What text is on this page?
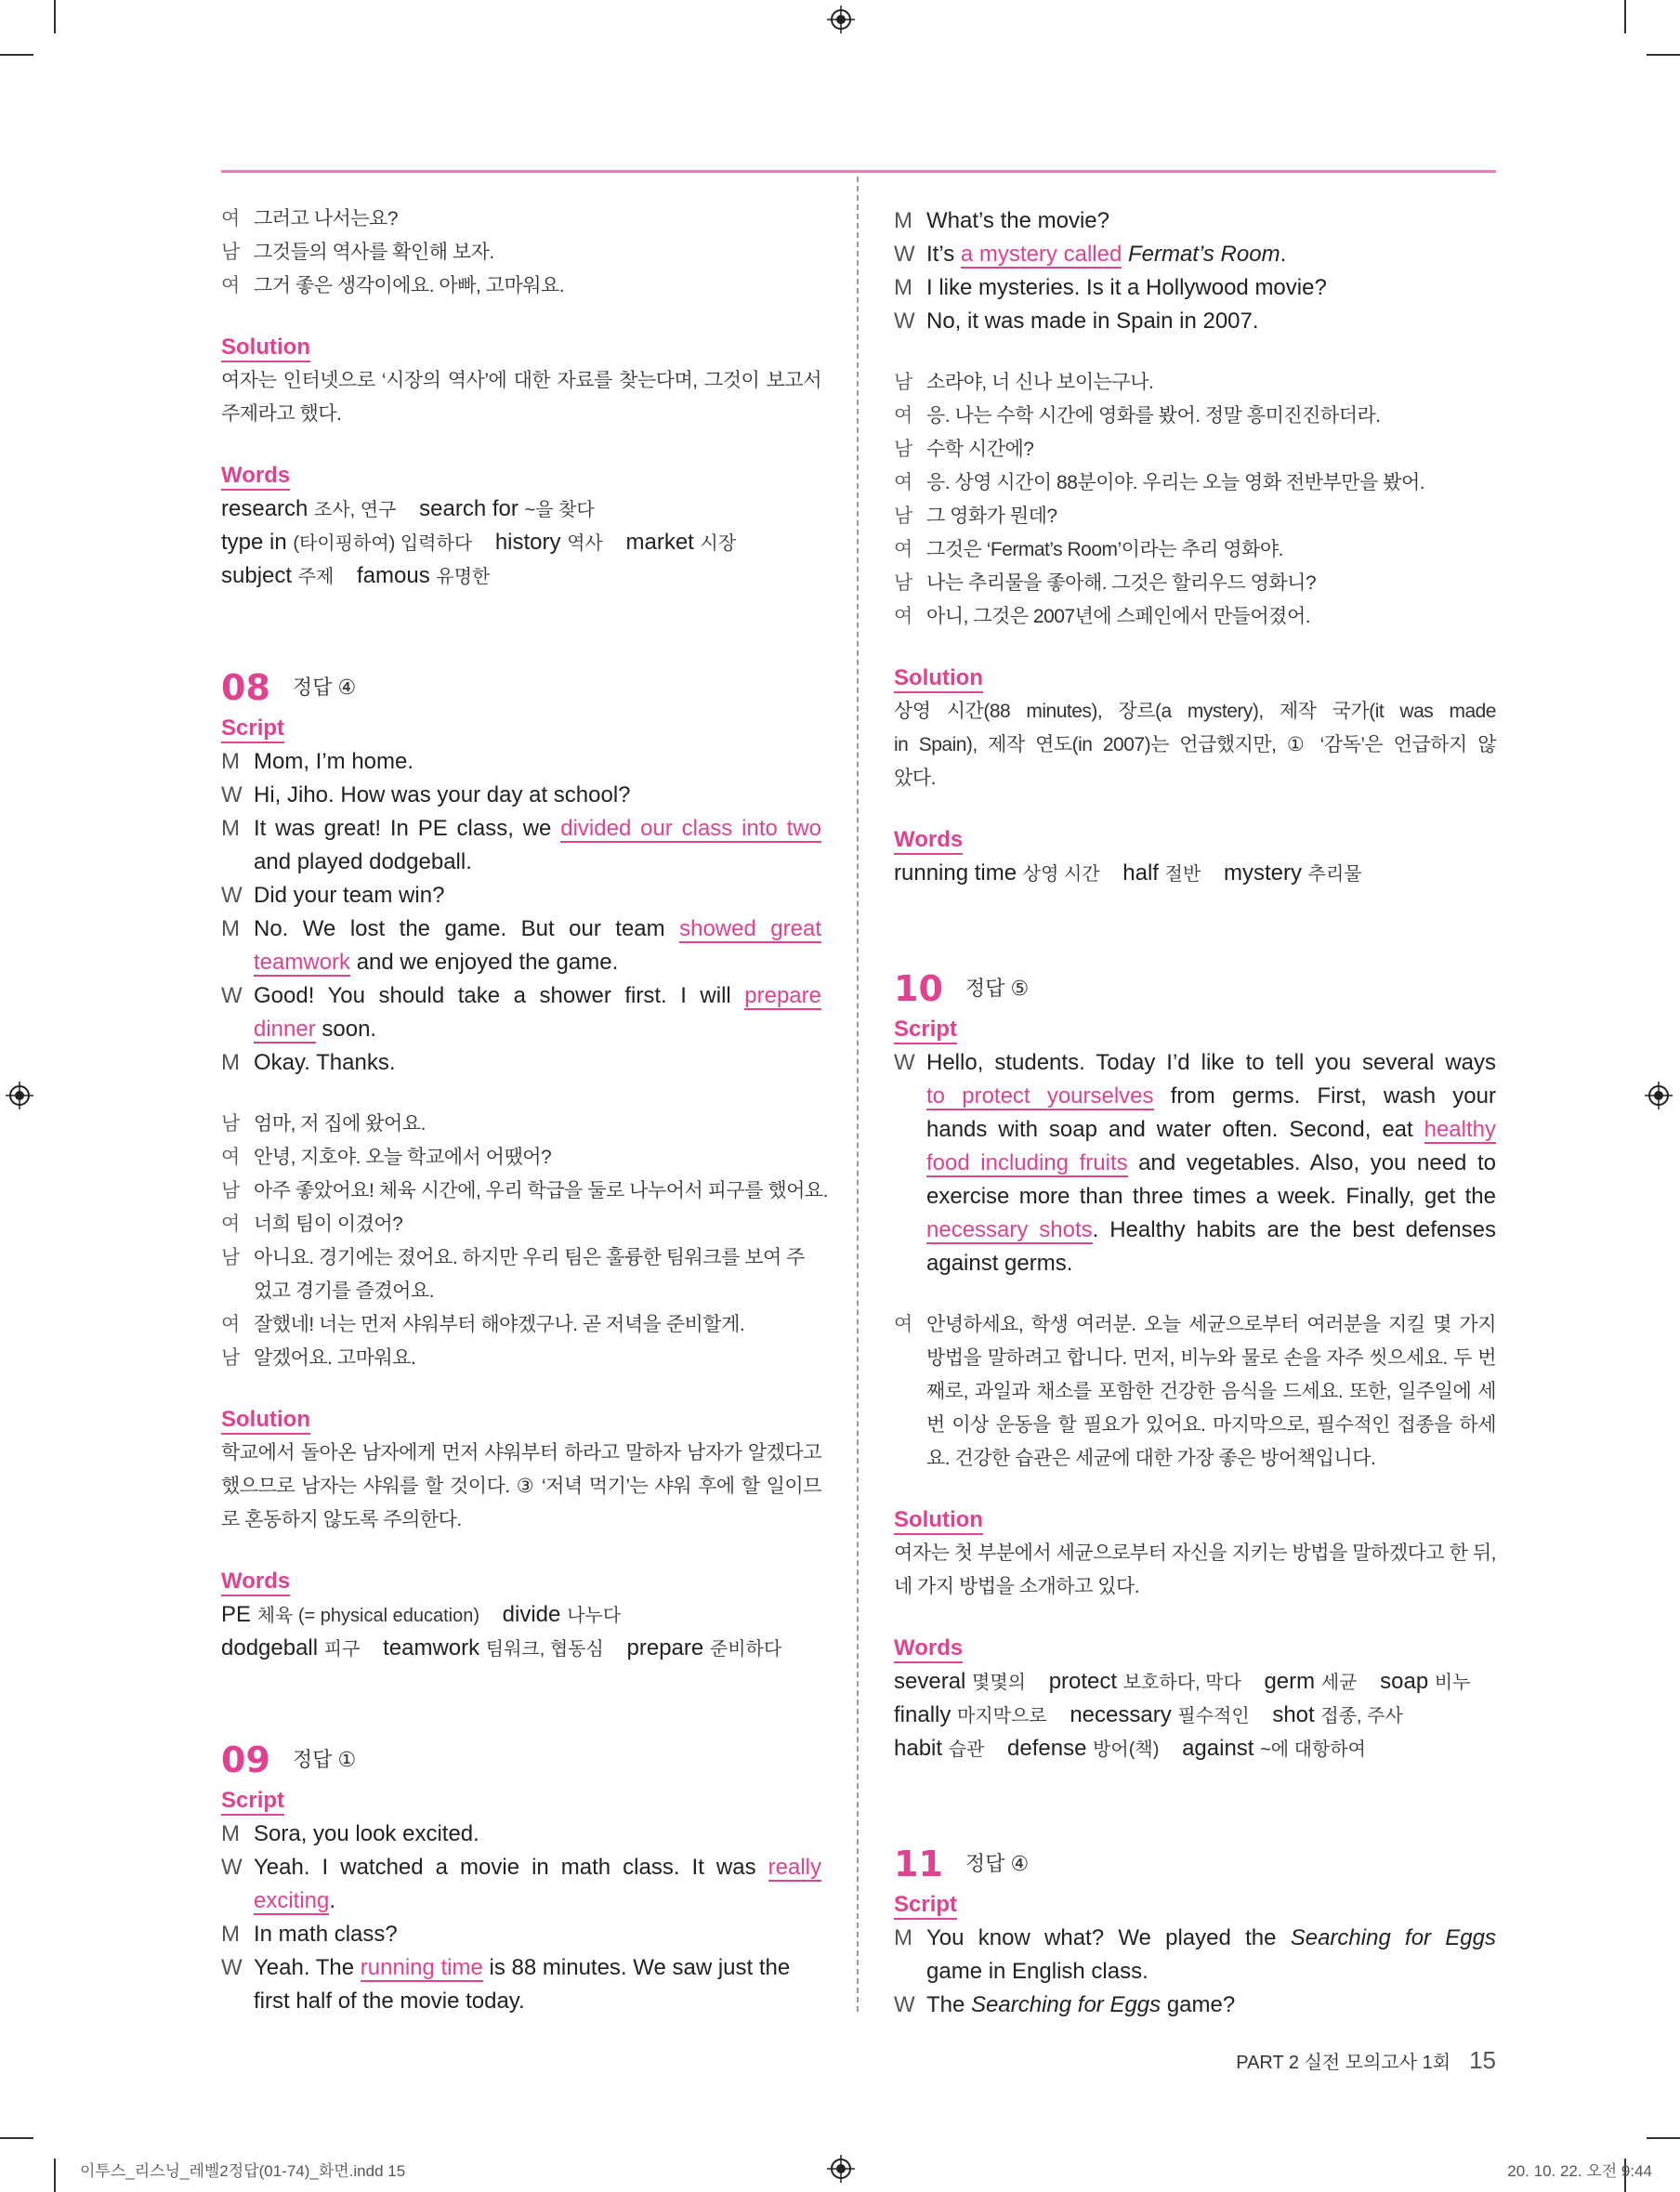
여 그러고 나서는요?
남 그것들의 역사를 확인해 보자.
여 그거 좋은 생각이에요. 아빠, 고마워요.
Solution
여자는 인터넷으로 ‘시장의 역사’에 대한 자료를 찾는다며, 그것이 보고서
주제라고 했다.
Words
research 조사, 연구 search for ~을 찾다
type in (타이핑하여) 입력하다 history 역사 market 시장
subject 주제 famous 유명한
08 정답 ④
Script
M Mom, I’m home.
W Hi, Jiho. How was your day at school?
M It was great! In PE class, we divided our class into two
and played dodgeball.
W Did your team win?
M No. We lost the game. But our team showed great
teamwork and we enjoyed the game.
W Good! You should take a shower first. I will prepare
dinner soon.
M Okay. Thanks.
남 엄마, 저 집에 왔어요.
여 안녕, 지호야. 오늘 학교에서 어땠어?
남 아주 좋았어요! 체육 시간에, 우리 학급을 둘로 나누어서 피구를 했어요.
여 너희 팀이 이겼어?
남 아니요. 경기에는 졌어요. 하지만 우리 팀은 훌륭한 팀워크를 보여 주
었고 경기를 즐겼어요.
여 잘했네! 너는 먼저 샤워부터 해야겠구나. 곧 저녁을 준비할게.
남 알겠어요. 고마워요.
Solution
학교에서 돌아온 남자에게 먼저 샤워부터 하라고 말하자 남자가 알겠다고
했으므로 남자는 샤워를 할 것이다. ③ ‘저녁 먹기’는 샤워 후에 할 일이므
로 혼동하지 않도록 주의한다.
Words
PE 체육 (= physical education) divide 나누다
dodgeball 피구 teamwork 팀워크, 협동심 prepare 준비하다
09 정답 ①
Script
M Sora, you look excited.
W Yeah. I watched a movie in math class. It was really
exciting.
M In math class?
W Yeah. The running time is 88 minutes. We saw just the
first half of the movie today.
M What’s the movie?
W It’s a mystery called Fermat’s Room.
M I like mysteries. Is it a Hollywood movie?
W No, it was made in Spain in 2007.
남 소라야, 너 신나 보이는구나.
여 응. 나는 수학 시간에 영화를 봤어. 정말 흥미진진하더라.
남 수학 시간에?
여 응. 상영 시간이 88분이야. 우리는 오늘 영화 전반부만을 봤어.
남 그 영화가 뭔데?
여 그것은 ‘Fermat’s Room’이라는 추리 영화야.
남 나는 추리물을 좋아해. 그것은 할리우드 영화니?
여 아니, 그것은 2007년에 스페인에서 만들어졌어.
Solution
상영 시간(88 minutes), 장르(a mystery), 제작 국가(it was made
in Spain), 제작 연도(in 2007)는 언급했지만, ① ‘감독’은 언급하지 않
았다.
Words
running time 상영 시간 half 절반 mystery 추리물
10 정답 ⑤
Script
W Hello, students. Today I’d like to tell you several ways
to protect yourselves from germs. First, wash your
hands with soap and water often. Second, eat healthy
food including fruits and vegetables. Also, you need to
exercise more than three times a week. Finally, get the
necessary shots. Healthy habits are the best defenses
against germs.
여 안녕하세요, 학생 여러분. 오늘 세균으로부터 여러분을 지킬 몇 가지
방법을 말하려고 합니다. 먼저, 비누와 물로 손을 자주 씻으세요. 두 번
째로, 과일과 채소를 포함한 건강한 음식을 드세요. 또한, 일주일에 세
번 이상 운동을 할 필요가 있어요. 마지막으로, 필수적인 접종을 하세
요. 건강한 습관은 세균에 대한 가장 좋은 방어책입니다.
Solution
여자는 첫 부분에서 세균으로부터 자신을 지키는 방법을 말하겠다고 한 뒤,
네 가지 방법을 소개하고 있다.
Words
several 몇몇의 protect 보호하다, 막다 germ 세균 soap 비누
finally 마지막으로 necessary 필수적인 shot 접종, 주사
habit 습관 defense 방어(책) against ~에 대항하여
11 정답 ④
Script
M You know what? We played the Searching for Eggs
game in English class.
W The Searching for Eggs game?
PART 2 실전 모의고사 1회 15
이투스_리스닝_레벨2정답(01-74)_화면.indd 15	20. 10. 22. 오전 9:44
